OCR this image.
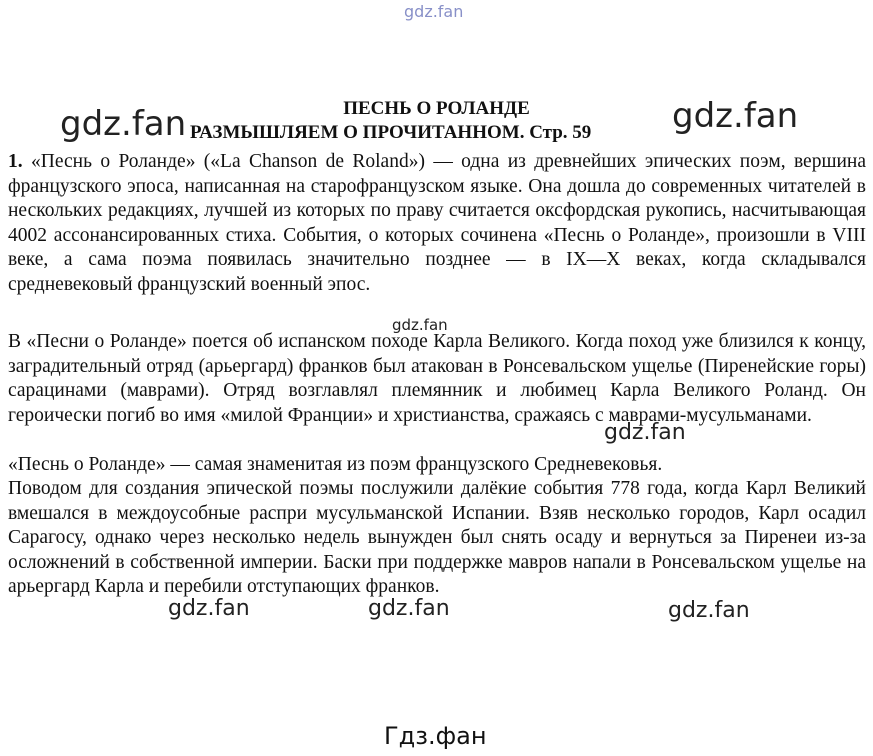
gdz.fan
ПЕСНЬ О РОЛАНДЕ
РАЗМЫШЛЯЕМ О ПРОЧИТАННОМ. Стр. 59

1. «Песнь о Роланде» («La Chanson de Roland») — одна из древнейших эпических поэм, вершина французского эпоса, написанная на старофранцузском языке. Она дошла до современных читателей в нескольких редакциях, лучшей из которых по праву считается оксфордская рукопись, насчитывающая 4002 ассонансированных стиха. События, о которых сочинена «Песнь о Роланде», произошли в VIII веке, а сама поэма появилась значительно позднее — в IX—X веках, когда складывался средневековый французский военный эпос.

В «Песни о Роланде» поется об испанском походе Карла Великого. Когда поход уже близился к концу, заградительный отряд (арьергард) франков был атакован в Ронсевальском ущелье (Пиренейские горы) сарацинами (маврами). Отряд возглавлял племянник и любимец Карла Великого Роланд. Он героически погиб во имя «милой Франции» и христианства, сражаясь с маврами-мусульманами.

«Песнь о Роланде» — самая знаменитая из поэм французского Средневековья.

Поводом для создания эпической поэмы послужили далёкие события 778 года, когда Карл Великий вмешался в междоусобные распри мусульманской Испании. Взяв несколько городов, Карл осадил Сарагосу, однако через несколько недель вынужден был снять осаду и вернуться за Пиренеи из-за осложнений в собственной империи. Баски при поддержке мавров напали в Ронсевальском ущелье на арьергард Карла и перебили отступающих франков.

gdz.fan	gdz.fan
gdz.fan
gdz.fan
gdz.fan	gdz.fan	gdz.fan
Гдз.фан
